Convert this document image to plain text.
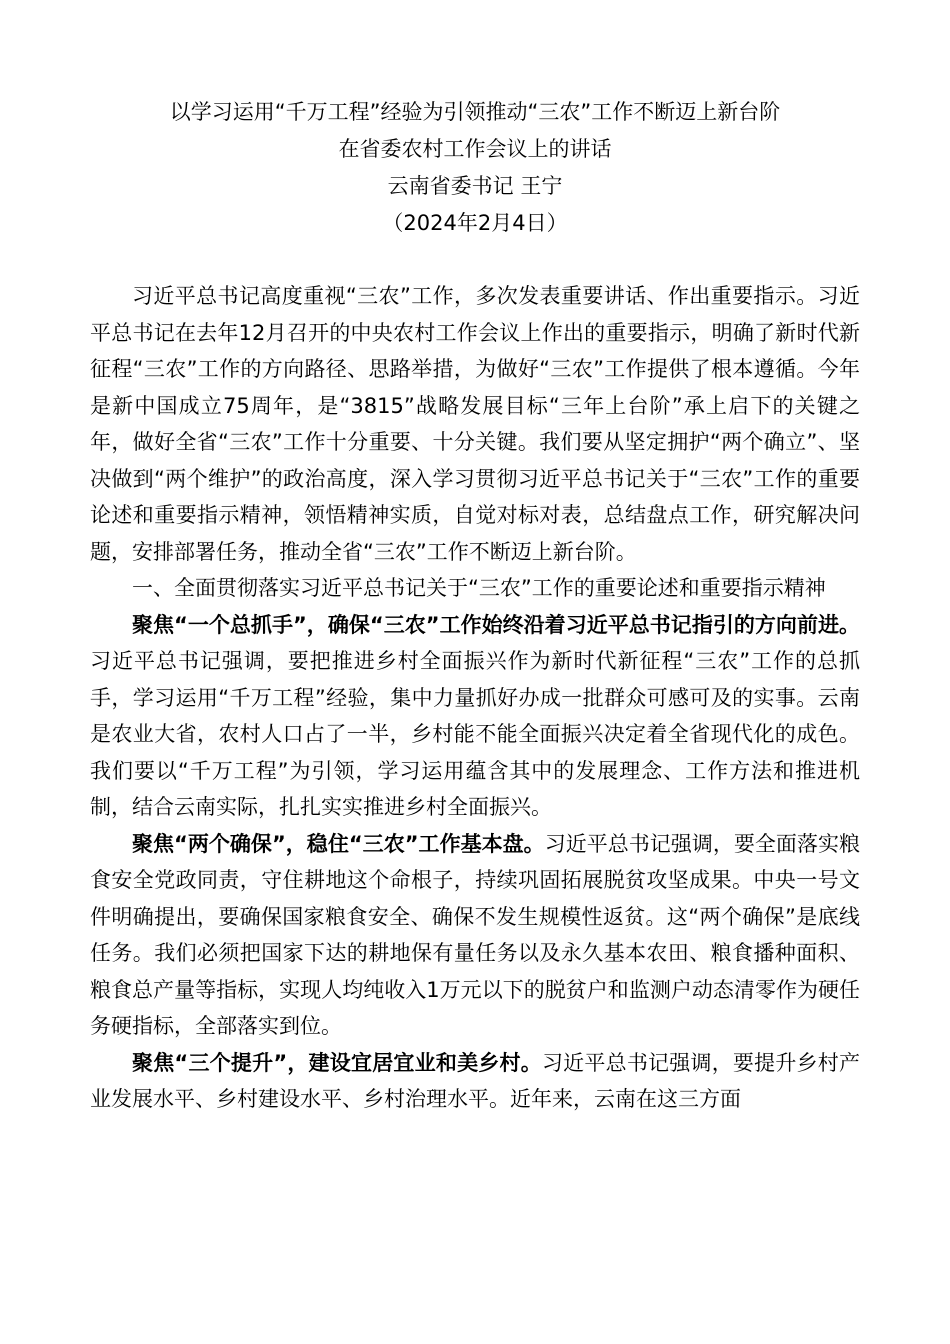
以学习运用“千万工程”经验为引领推动“三农”工作不断迈上新台阶
在省委农村工作会议上的讲话
云南省委书记 王宁
（2024年2月4日）

习近平总书记高度重视“三农”工作，多次发表重要讲话、作出重要指示。习近平总书记在去年12月召开的中央农村工作会议上作出的重要指示，明确了新时代新征程“三农”工作的方向路径、思路举措，为做好“三农”工作提供了根本遵循。今年是新中国成立75周年，是“3815”战略发展目标“三年上台阶”承上启下的关键之年，做好全省“三农”工作十分重要、十分关键。我们要从坚定拥护“两个确立”、坚决做到“两个维护”的政治高度，深入学习贯彻习近平总书记关于“三农”工作的重要论述和重要指示精神，领悟精神实质，自觉对标对表，总结盘点工作，研究解决问题，安排部署任务，推动全省“三农”工作不断迈上新台阶。

一、全面贯彻落实习近平总书记关于“三农”工作的重要论述和重要指示精神

聚焦“一个总抓手”，确保“三农”工作始终沿着习近平总书记指引的方向前进。习近平总书记强调，要把推进乡村全面振兴作为新时代新征程“三农”工作的总抓手，学习运用“千万工程”经验，集中力量抓好办成一批群众可感可及的实事。云南是农业大省，农村人口占了一半，乡村能不能全面振兴决定着全省现代化的成色。我们要以“千万工程”为引领，学习运用蕴含其中的发展理念、工作方法和推进机制，结合云南实际，扎扎实实推进乡村全面振兴。

聚焦“两个确保”，稳住“三农”工作基本盘。习近平总书记强调，要全面落实粮食安全党政同责，守住耕地这个命根子，持续巩固拓展脱贫攻坚成果。中央一号文件明确提出，要确保国家粮食安全、确保不发生规模性返贫。这“两个确保”是底线任务。我们必须把国家下达的耕地保有量任务以及永久基本农田、粮食播种面积、粮食总产量等指标，实现人均纯收入1万元以下的脱贫户和监测户动态清零作为硬任务硬指标，全部落实到位。

聚焦“三个提升”，建设宜居宜业和美乡村。习近平总书记强调，要提升乡村产业发展水平、乡村建设水平、乡村治理水平。近年来，云南在这三方面
